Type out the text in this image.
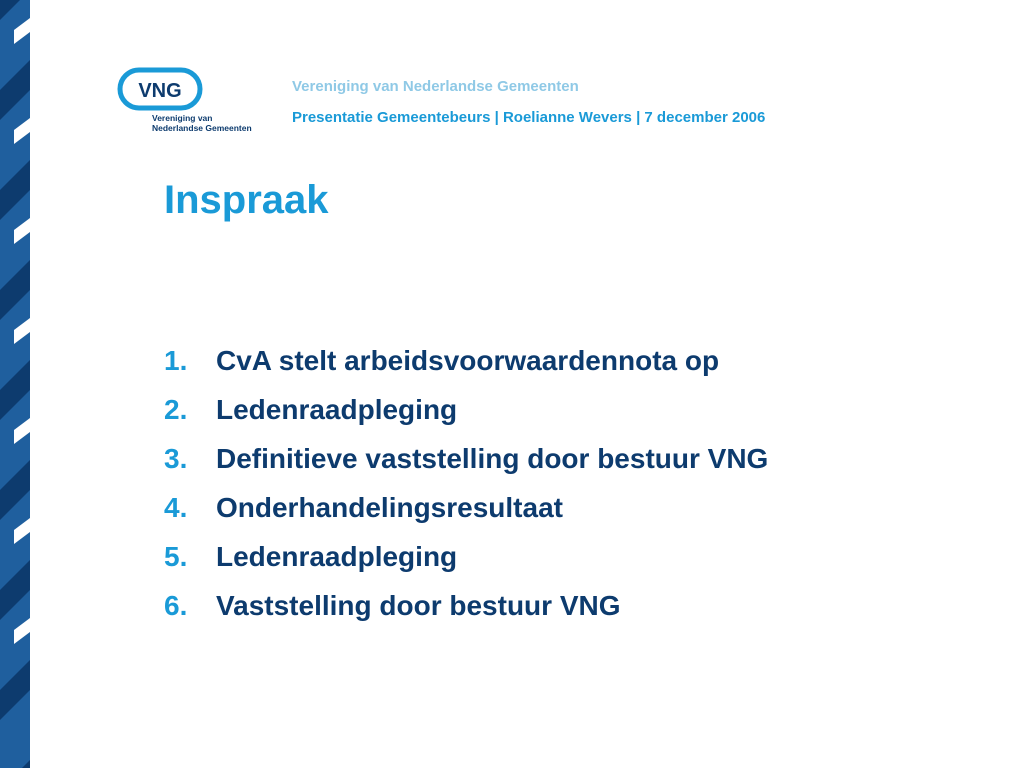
VNG
Vereniging van
Nederlandse Gemeenten
Vereniging van Nederlandse Gemeenten
Presentatie Gemeentebeurs | Roelianne Wevers | 7 december 2006
Inspraak
1.	CvA stelt arbeidsvoorwaardennota op
2.	Ledenraadpleging
3.	Definitieve vaststelling door bestuur VNG
4.	Onderhandelingsresultaat
5.	Ledenraadpleging
6.	Vaststelling door bestuur VNG
